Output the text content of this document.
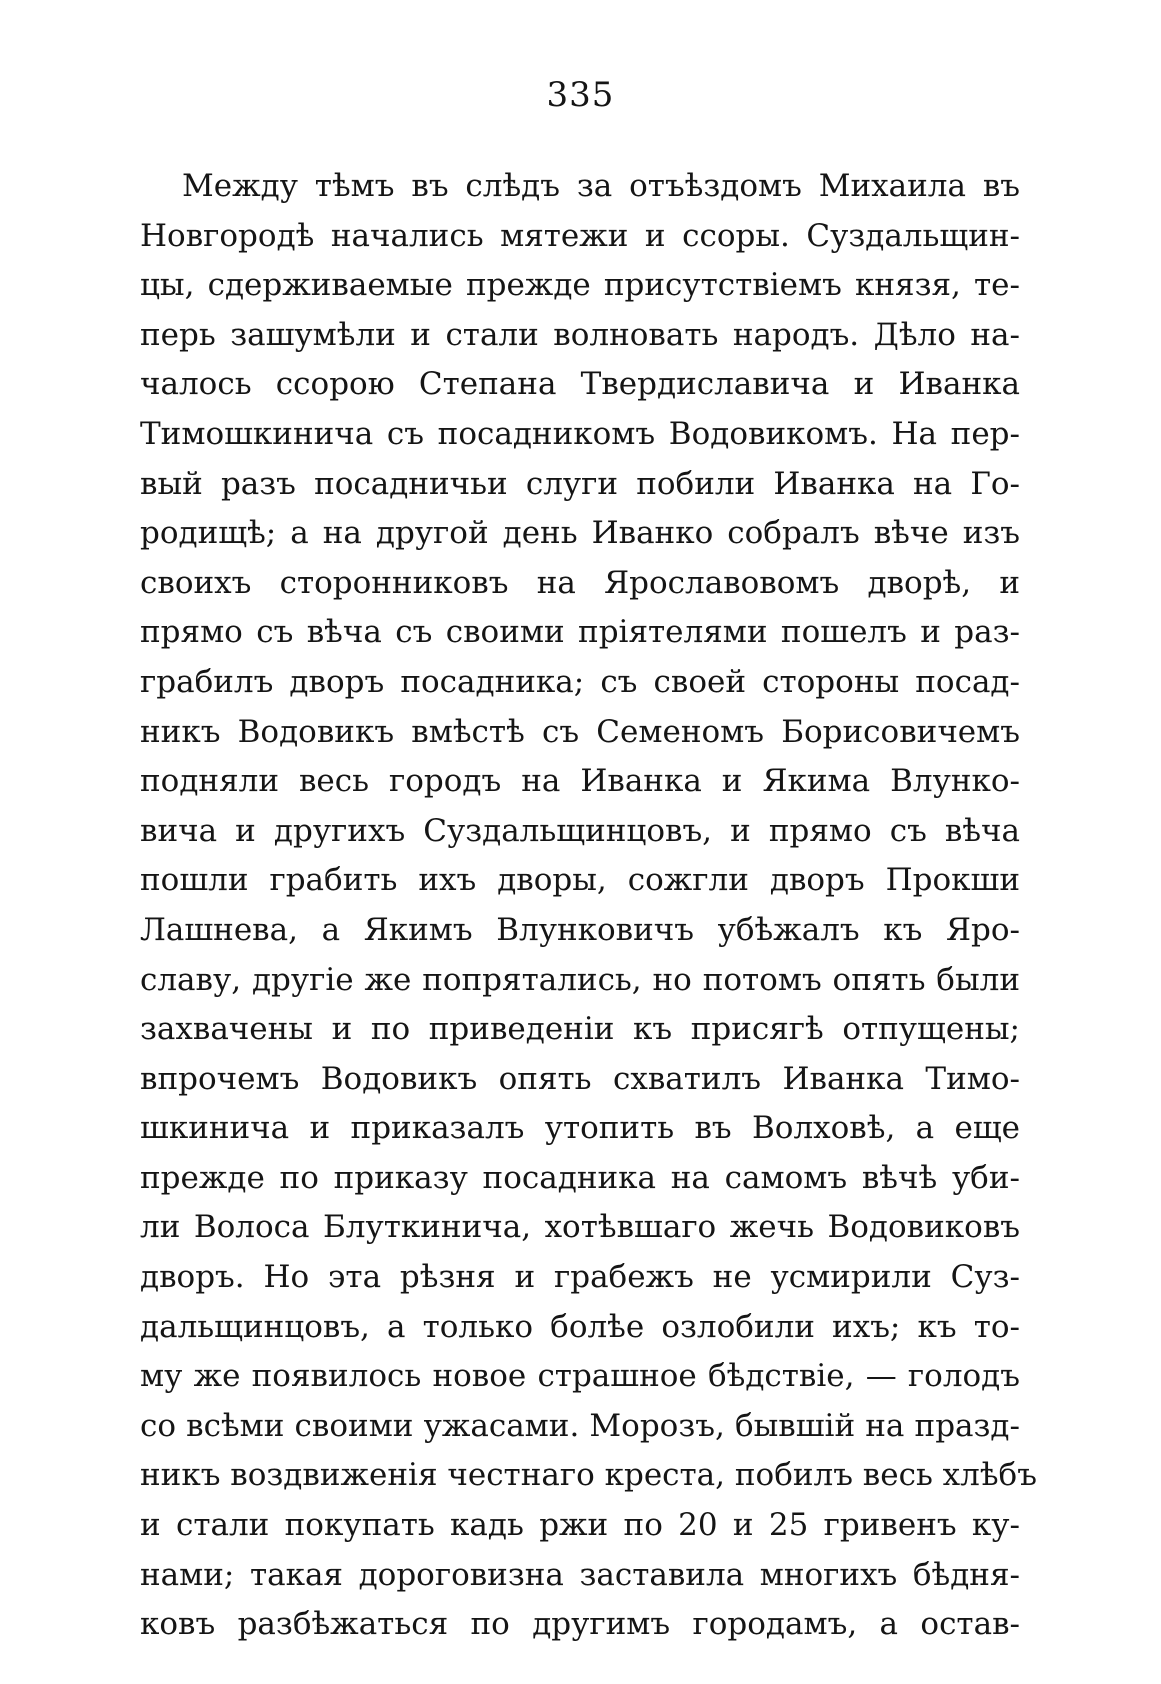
335
Между тѣмъ въ слѣдъ за отъѣздомъ Михаила въ
Новгородѣ начались мятежи и ссоры. Суздальщин-
цы, сдерживаемые прежде присутствіемъ князя, те-
перь зашумѣли и стали волновать народъ. Дѣло на-
чалось ссорою Степана Твердиславича и Иванка
Тимошкинича съ посадникомъ Водовикомъ. На пер-
вый разъ посадничьи слуги побили Иванка на Го-
родищѣ; а на другой день Иванко собралъ вѣче изъ
своихъ сторонниковъ на Ярославовомъ дворѣ, и
прямо съ вѣча съ своими пріятелями пошелъ и раз-
грабилъ дворъ посадника; съ своей стороны посад-
никъ Водовикъ вмѣстѣ съ Семеномъ Борисовичемъ
подняли весь городъ на Иванка и Якима Влунко-
вича и другихъ Суздальщинцовъ, и прямо съ вѣча
пошли грабить ихъ дворы, сожгли дворъ Прокши
Лашнева, а Якимъ Влунковичъ убѣжалъ къ Яро-
славу, другіе же попрятались, но потомъ опять были
захвачены и по приведеніи къ присягѣ отпущены;
впрочемъ Водовикъ опять схватилъ Иванка Тимо-
шкинича и приказалъ утопить въ Волховѣ, а еще
прежде по приказу посадника на самомъ вѣчѣ уби-
ли Волоса Блуткинича, хотѣвшаго жечь Водовиковъ
дворъ. Но эта рѣзня и грабежъ не усмирили Суз-
дальщинцовъ, а только болѣе озлобили ихъ; къ то-
му же появилось новое страшное бѣдствіе, — голодъ
со всѣми своими ужасами. Морозъ, бывшій на празд-
никъ воздвиженія честнаго креста, побилъ весь хлѣбъ
и стали покупать кадь ржи по 20 и 25 гривенъ ку-
нами; такая дороговизна заставила многихъ бѣдня-
ковъ разбѣжаться по другимъ городамъ, а остав-
